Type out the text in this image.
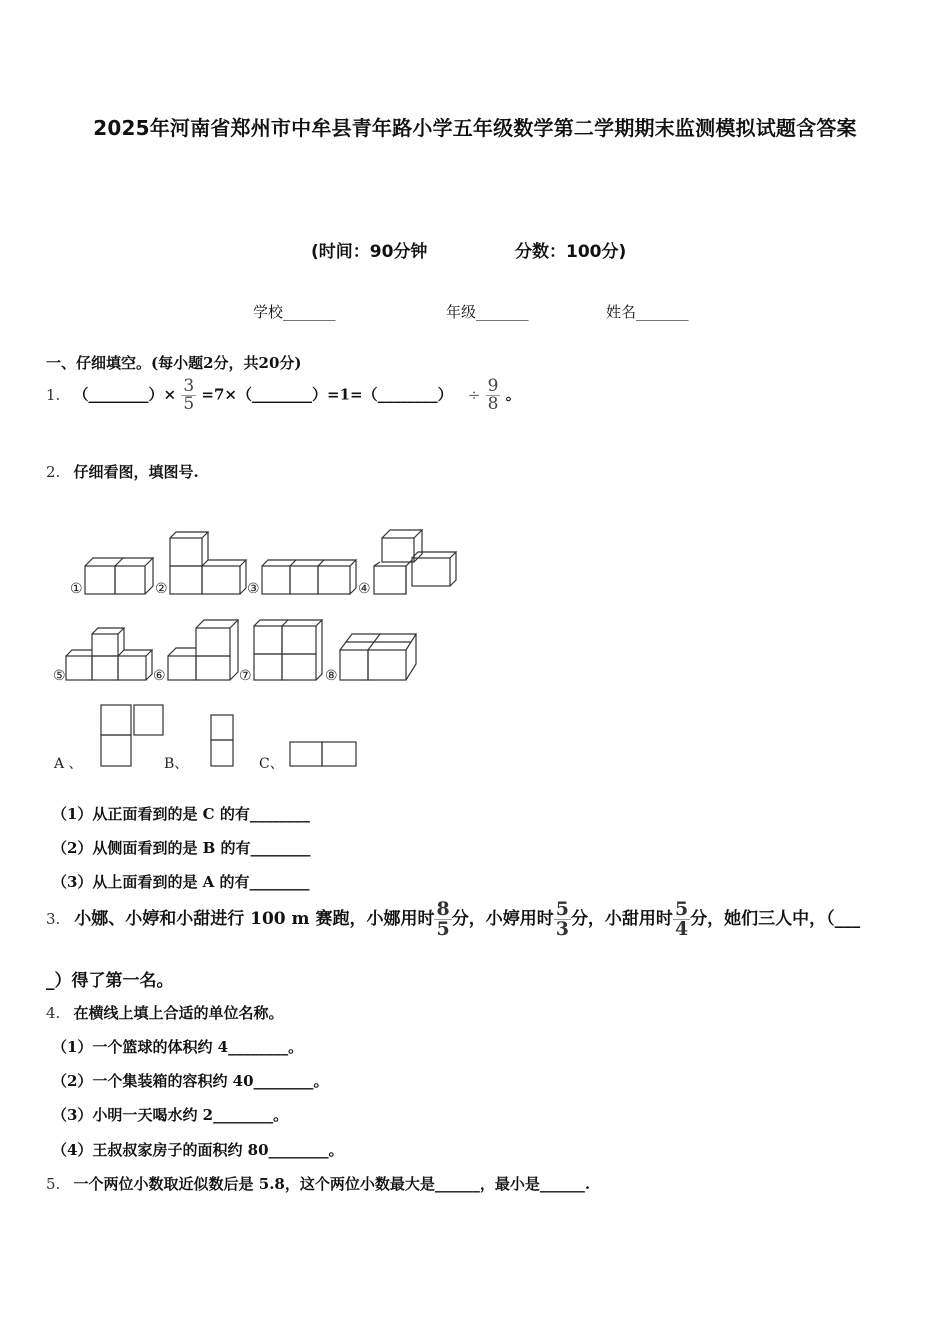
2025年河南省郑州市中牟县青年路小学五年级数学第二学期期末监测模拟试题含答案
(时间：90分钟	分数：100分)
学校_______	年级_______	姓名_______
一、仔细填空。(每小题2分，共20分)
1. （________）× $\frac{3}{5}$ =7×（________）=1=（________） ÷ $\frac{9}{8}$ 。
2. 仔细看图，填图号.
①	②	③	④
⑤	⑥	⑦	⑧
A 、	B、	C、
（1）从正面看到的是 C 的有________
（2）从侧面看到的是 B 的有________
（3）从上面看到的是 A 的有________
3. 小娜、小婷和小甜进行 100 m 赛跑，小娜用时 $\frac{8}{5}$ 分，小婷用时 $\frac{5}{3}$ 分，小甜用时 $\frac{5}{4}$ 分，她们三人中，（___
_）得了第一名。
4. 在横线上填上合适的单位名称。
（1）一个篮球的体积约 4________。
（2）一个集装箱的容积约 40________。
（3）小明一天喝水约 2________。
（4）王叔叔家房子的面积约 80________。
5. 一个两位小数取近似数后是 5.8，这个两位小数最大是______，最小是______.
